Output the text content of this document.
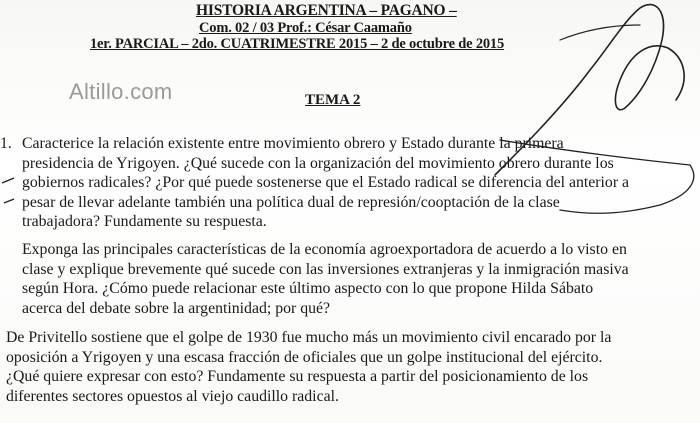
HISTORIA ARGENTINA – PAGANO –
Com. 02 / 03 Prof.: César Caamaño
1er. PARCIAL – 2do. CUATRIMESTRE 2015 – 2 de octubre de 2015
Altillo.com	TEMA 2
1. Caracterice la relación existente entre movimiento obrero y Estado durante la primera
presidencia de Yrigoyen. ¿Qué sucede con la organización del movimiento obrero durante los
gobiernos radicales? ¿Por qué puede sostenerse que el Estado radical se diferencia del anterior a
pesar de llevar adelante también una política dual de represión/cooptación de la clase
trabajadora? Fundamente su respuesta.
Exponga las principales características de la economía agroexportadora de acuerdo a lo visto en
clase y explique brevemente qué sucede con las inversiones extranjeras y la inmigración masiva
según Hora. ¿Cómo puede relacionar este último aspecto con lo que propone Hilda Sábato
acerca del debate sobre la argentinidad; por qué?
De Privitello sostiene que el golpe de 1930 fue mucho más un movimiento civil encarado por la
oposición a Yrigoyen y una escasa fracción de oficiales que un golpe institucional del ejército.
¿Qué quiere expresar con esto? Fundamente su respuesta a partir del posicionamiento de los
diferentes sectores opuestos al viejo caudillo radical.
